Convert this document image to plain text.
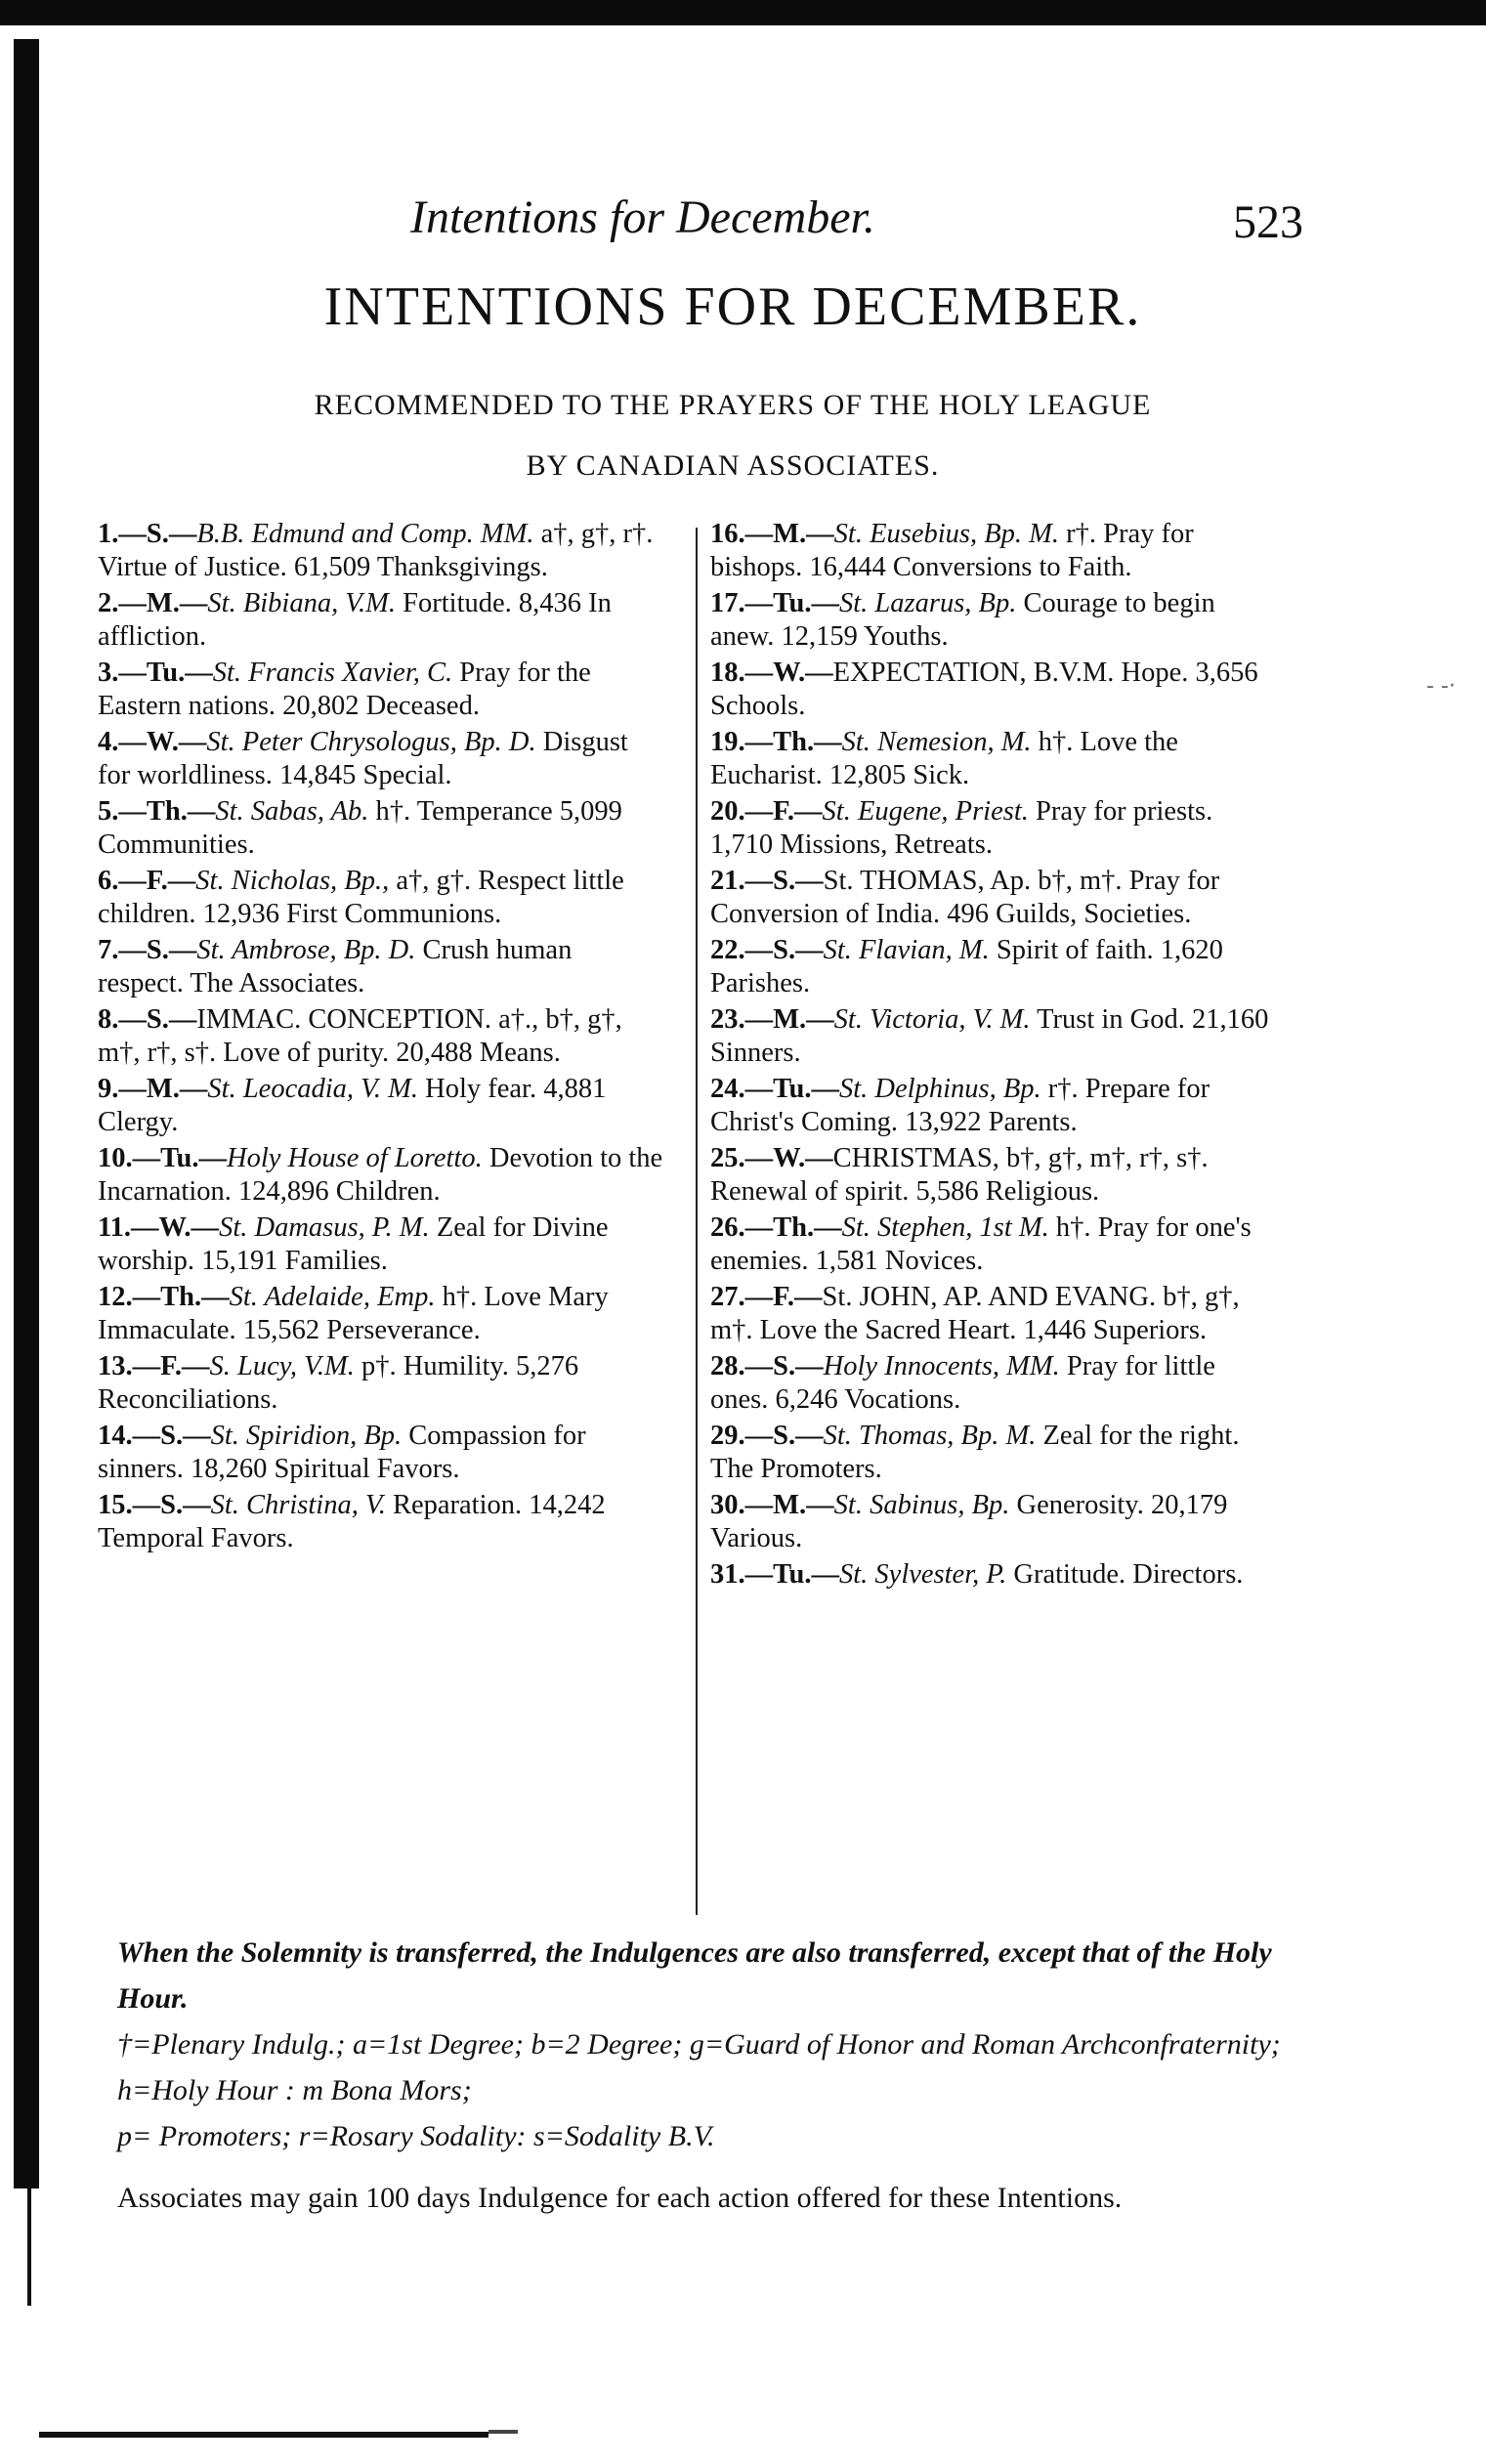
- -·
Intentions for December.	523
INTENTIONS FOR DECEMBER.
RECOMMENDED TO THE PRAYERS OF THE HOLY LEAGUE
BY CANADIAN ASSOCIATES.
1.—S.—B.B. Edmund and Comp. MM. a†, g†, r†. Virtue of Justice. 61,509 Thanksgivings.
2.—M.—St. Bibiana, V.M. Fortitude. 8,436 In affliction.
3.—Tu.—St. Francis Xavier, C. Pray for the Eastern nations. 20,802 Deceased.
4.—W.—St. Peter Chrysologus, Bp. D. Disgust for worldliness. 14,845 Special.
5.—Th.—St. Sabas, Ab. h†. Temperance 5,099 Communities.
6.—F.—St. Nicholas, Bp., a†, g†. Respect little children. 12,936 First Communions.
7.—S.—St. Ambrose, Bp. D. Crush human respect. The Associates.
8.—S.—IMMAC. CONCEPTION. a†., b†, g†, m†, r†, s†. Love of purity. 20,488 Means.
9.—M.—St. Leocadia, V. M. Holy fear. 4,881 Clergy.
10.—Tu.—Holy House of Loretto. Devotion to the Incarnation. 124,896 Children.
11.—W.—St. Damasus, P. M. Zeal for Divine worship. 15,191 Families.
12.—Th.—St. Adelaide, Emp. h†. Love Mary Immaculate. 15,562 Perseverance.
13.—F.—S. Lucy, V.M. p†. Humility. 5,276 Reconciliations.
14.—S.—St. Spiridion, Bp. Compassion for sinners. 18,260 Spiritual Favors.
15.—S.—St. Christina, V. Reparation. 14,242 Temporal Favors.
16.—M.—St. Eusebius, Bp. M. r†. Pray for bishops. 16,444 Conversions to Faith.
17.—Tu.—St. Lazarus, Bp. Courage to begin anew. 12,159 Youths.
18.—W.—EXPECTATION, B.V.M. Hope. 3,656 Schools.
19.—Th.—St. Nemesion, M. h†. Love the Eucharist. 12,805 Sick.
20.—F.—St. Eugene, Priest. Pray for priests. 1,710 Missions, Retreats.
21.—S.—St. THOMAS, Ap. b†, m†. Pray for Conversion of India. 496 Guilds, Societies.
22.—S.—St. Flavian, M. Spirit of faith. 1,620 Parishes.
23.—M.—St. Victoria, V. M. Trust in God. 21,160 Sinners.
24.—Tu.—St. Delphinus, Bp. r†. Prepare for Christ's Coming. 13,922 Parents.
25.—W.—CHRISTMAS, b†, g†, m†, r†, s†. Renewal of spirit. 5,586 Religious.
26.—Th.—St. Stephen, 1st M. h†. Pray for one's enemies. 1,581 Novices.
27.—F.—St. JOHN, AP. AND EVANG. b†, g†, m†. Love the Sacred Heart. 1,446 Superiors.
28.—S.—Holy Innocents, MM. Pray for little ones. 6,246 Vocations.
29.—S.—St. Thomas, Bp. M. Zeal for the right. The Promoters.
30.—M.—St. Sabinus, Bp. Generosity. 20,179 Various.
31.—Tu.—St. Sylvester, P. Gratitude. Directors.
When the Solemnity is transferred, the Indulgences are also transferred, except that of the Holy Hour.
†=Plenary Indulg.; a=1st Degree; b=2 Degree; g=Guard of Honor and Roman Archconfraternity; h=Holy Hour : m Bona Mors;
p= Promoters; r=Rosary Sodality: s=Sodality B.V.
Associates may gain 100 days Indulgence for each action offered for these Intentions.
